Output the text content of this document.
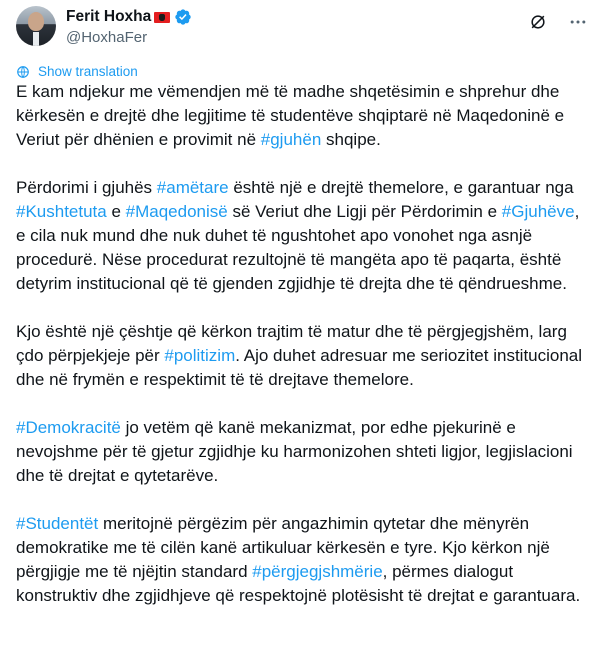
Ferit Hoxha
@HoxhaFer
Show translation

E kam ndjekur me vëmendjen më të madhe shqetësimin e shprehur dhe kërkesën e drejtë dhe legjitime të studentëve shqiptarë në Maqedoninë e Veriut për dhënien e provimit në #gjuhën shqipe.

Përdorimi i gjuhës #amëtare është një e drejtë themelore, e garantuar nga #Kushtetuta e #Maqedonisë së Veriut dhe Ligji për Përdorimin e #Gjuhëve, e cila nuk mund dhe nuk duhet të ngushtohet apo vonohet nga asnjë procedurë. Nëse procedurat rezultojnë të mangëta apo të paqarta, është detyrim institucional që të gjenden zgjidhje të drejta dhe të qëndrueshme.

Kjo është një çështje që kërkon trajtim të matur dhe të përgjegjshëm, larg çdo përpjekjeje për #politizim. Ajo duhet adresuar me seriozitet institucional dhe në frymën e respektimit të të drejtave themelore.

#Demokracitë jo vetëm që kanë mekanizmat, por edhe pjekurinë e nevojshme për të gjetur zgjidhje ku harmonizohen shteti ligjor, legjislacioni dhe të drejtat e qytetarëve.

#Studentët meritojnë përgëzim për angazhimin qytetar dhe mënyrën demokratike me të cilën kanë artikuluar kërkesën e tyre. Kjo kërkon një përgjigje me të njëjtin standard #përgjegjshmërie, përmes dialogut konstruktiv dhe zgjidhjeve që respektojnë plotësisht të drejtat e garantuara.
